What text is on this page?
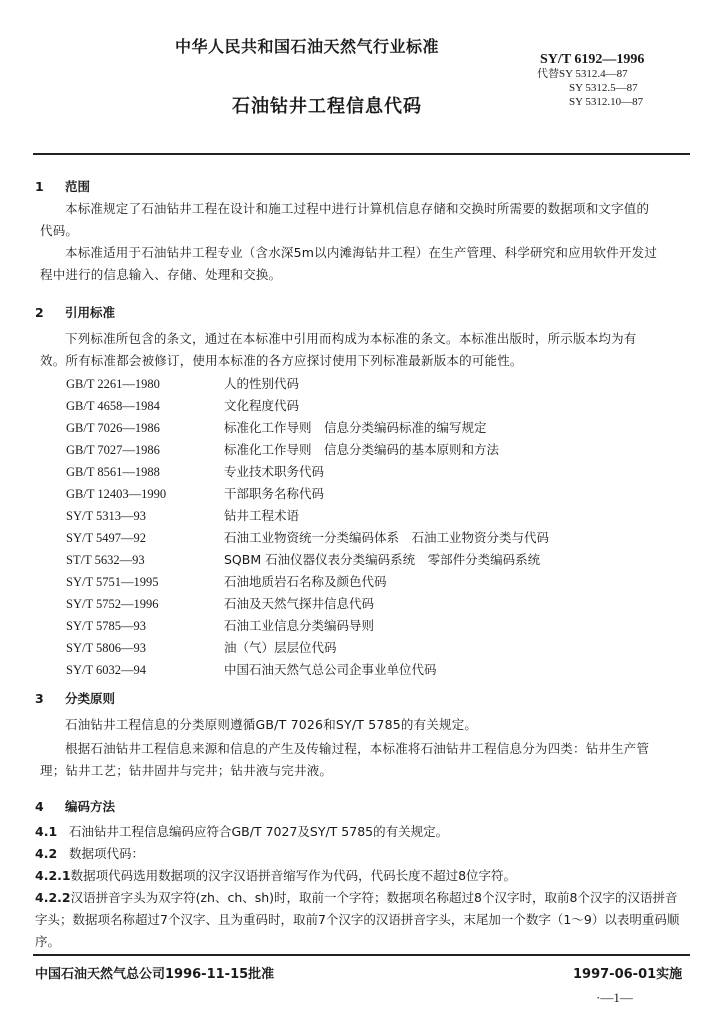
中华人民共和国石油天然气行业标准
SY/T 6192—1996
代替SY 5312.4—87
SY 5312.5—87
SY 5312.10—87
石油钻井工程信息代码
1 范围
本标准规定了石油钻井工程在设计和施工过程中进行计算机信息存储和交换时所需要的数据项和文字值的代码。
本标准适用于石油钻井工程专业（含水深5m以内滩海钻井工程）在生产管理、科学研究和应用软件开发过程中进行的信息输入、存储、处理和交换。
2 引用标准
下列标准所包含的条文，通过在本标准中引用而构成为本标准的条文。本标准出版时，所示版本均为有效。所有标准都会被修订，使用本标准的各方应探讨使用下列标准最新版本的可能性。
GB/T 2261—1980	人的性别代码
GB/T 4658—1984	文化程度代码
GB/T 7026—1986	标准化工作导则　信息分类编码标准的编写规定
GB/T 7027—1986	标准化工作导则　信息分类编码的基本原则和方法
GB/T 8561—1988	专业技术职务代码
GB/T 12403—1990	干部职务名称代码
SY/T 5313—93	钻井工程术语
SY/T 5497—92	石油工业物资统一分类编码体系　石油工业物资分类与代码
ST/T 5632—93	SQBM 石油仪器仪表分类编码系统　零部件分类编码系统
SY/T 5751—1995	石油地质岩石名称及颜色代码
SY/T 5752—1996	石油及天然气探井信息代码
SY/T 5785—93	石油工业信息分类编码导则
SY/T 5806—93	油（气）层层位代码
SY/T 6032—94	中国石油天然气总公司企事业单位代码
3 分类原则
石油钻井工程信息的分类原则遵循GB/T 7026和SY/T 5785的有关规定。
根据石油钻井工程信息来源和信息的产生及传输过程，本标准将石油钻井工程信息分为四类：钻井生产管理；钻井工艺；钻井固井与完井；钻井液与完井液。
4 编码方法
4.1 石油钻井工程信息编码应符合GB/T 7027及SY/T 5785的有关规定。
4.2 数据项代码：
4.2.1数据项代码选用数据项的汉字汉语拼音缩写作为代码，代码长度不超过8位字符。
4.2.2汉语拼音字头为双字符(zh、ch、sh)时，取前一个字符；数据项名称超过8个汉字时，取前8个汉字的汉语拼音字头；数据项名称超过7个汉字、且为重码时，取前7个汉字的汉语拼音字头，末尾加一个数字（1～9）以表明重码顺序。
中国石油天然气总公司1996-11-15批准	1997-06-01实施
·—1—
